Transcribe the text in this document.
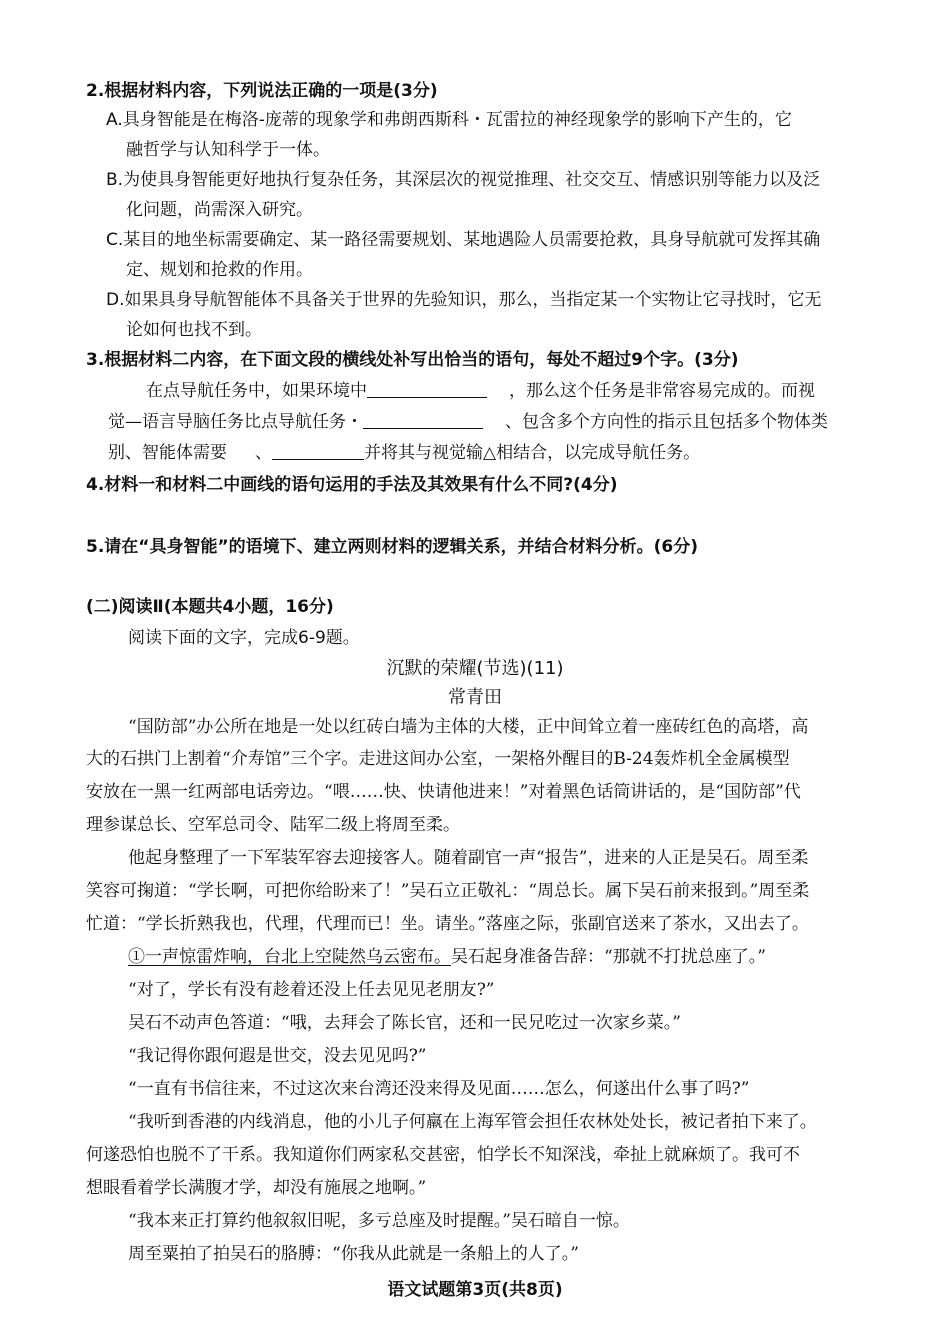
2.根据材料内容，下列说法正确的一项是(3分)
A.具身智能是在梅洛-庞蒂的现象学和弗朗西斯科・瓦雷拉的神经现象学的影响下产生的，它
融哲学与认知科学于一体。
B.为使具身智能更好地执行复杂任务，其深层次的视觉推理、社交交互、情感识别等能力以及泛
化问题，尚需深入研究。
C.某目的地坐标需要确定、某一路径需要规划、某地遇险人员需要抢救，具身导航就可发挥其确
定、规划和抢救的作用。
D.如果具身导航智能体不具备关于世界的先验知识，那么，当指定某一个实物让它寻找时，它无
论如何也找不到。
3.根据材料二内容，在下面文段的横线处补写出恰当的语句，每处不超过9个字。(3分)
在点导航任务中，如果环境中	，那么这个任务是非常容易完成的。而视
觉—语言导脑任务比点导航任务・	、包含多个方向性的指示且包括多个物体类
别、智能体需要 、	并将其与视觉输△相结合，以完成导航任务。
4.材料一和材料二中画线的语句运用的手法及其效果有什么不同?(4分)
5.请在“具身智能”的语境下、建立两则材料的逻辑关系，并结合材料分析。(6分)
(二)阅读Ⅱ(本题共4小题，16分)
阅读下面的文字，完成6-9题。
沉默的荣耀(节选)(11)
常青田
“国防部”办公所在地是一处以红砖白墙为主体的大楼，正中间耸立着一座砖红色的高塔，高
大的石拱门上割着“介寿馆”三个字。走进这间办公室，一架格外醒目的B-24轰炸机全金属模型
安放在一黑一红两部电话旁边。“喂……快、快请他进来！”对着黑色话筒讲话的，是“国防部”代
理参谋总长、空军总司令、陆军二级上将周至柔。
他起身整理了一下军装军容去迎接客人。随着副官一声“报告”，进来的人正是吴石。周至柔
笑容可掬道：“学长啊，可把你给盼来了！”吴石立正敬礼：“周总长。属下吴石前来报到。”周至柔
忙道：“学长折熟我也，代理，代理而已！坐。请坐。”落座之际，张副官送来了茶水，又出去了。
①一声惊雷炸响，台北上空陡然乌云密布。吴石起身准备告辞：“那就不打扰总座了。”
“对了，学长有没有趁着还没上任去见见老朋友?”
吴石不动声色答道：“哦，去拜会了陈长官，还和一民兄吃过一次家乡菜。”
“我记得你跟何遐是世交，没去见见吗?”
“一直有书信往来，不过这次来台湾还没来得及见面……怎么，何遂出什么事了吗?”
“我听到香港的内线消息，他的小儿子何羸在上海军管会担任农林处处长，被记者拍下来了。
何遂恐怕也脱不了干系。我知道你们两家私交甚密，怕学长不知深浅，牵扯上就麻烦了。我可不
想眼看着学长满腹才学，却没有施展之地啊。”
“我本来正打算约他叙叙旧呢，多亏总座及时提醒。”吴石暗自一惊。
周至粟拍了拍吴石的胳膊：“你我从此就是一条船上的人了。”
语文试题第3页(共8页)
